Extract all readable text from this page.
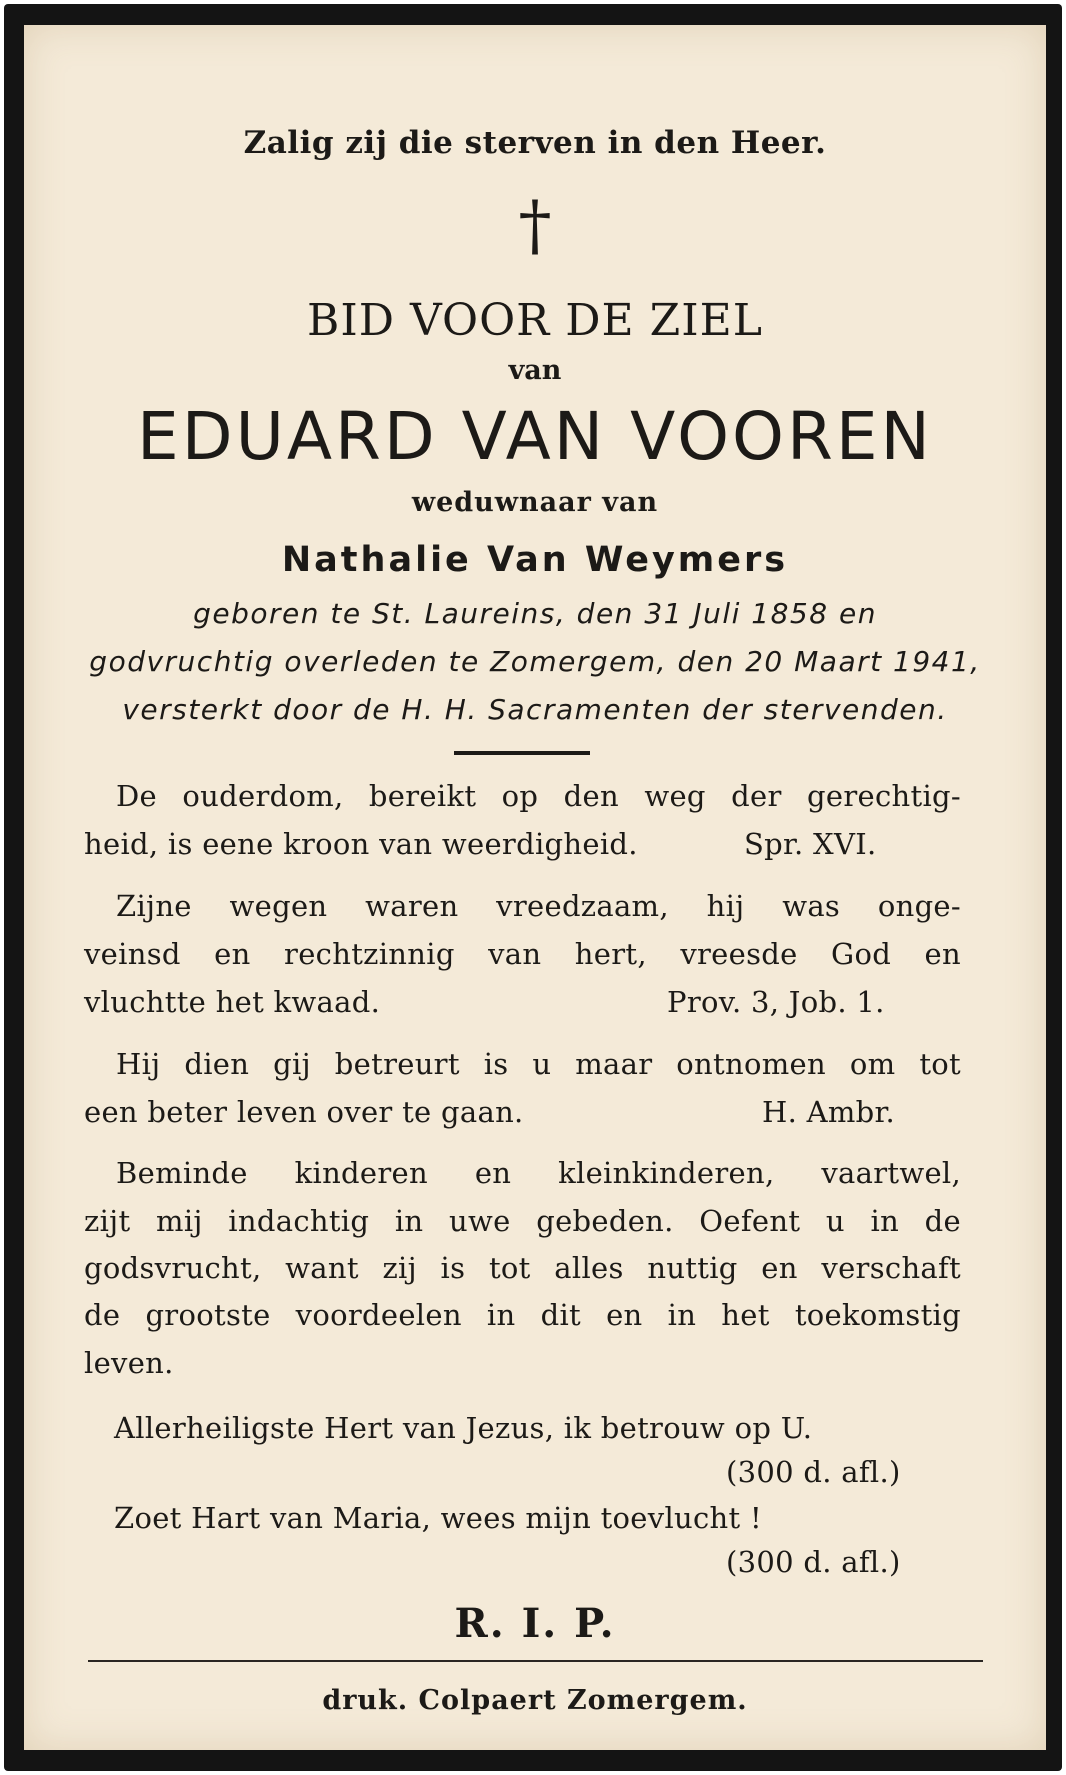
Zalig zij die sterven in den Heer.
†
BID VOOR DE ZIEL
van
EDUARD VAN VOOREN
weduwnaar van
Nathalie Van Weymers
geboren te St. Laureins, den 31 Juli 1858 en
godvruchtig overleden te Zomergem, den 20 Maart 1941,
versterkt door de H. H. Sacramenten der stervenden.
De ouderdom, bereikt op den weg der gerechtig-
heid, is eene kroon van weerdigheid.	Spr. XVI.
Zijne wegen waren vreedzaam, hij was onge-
veinsd en rechtzinnig van hert, vreesde God en
vluchtte het kwaad.	Prov. 3, Job. 1.
Hij dien gij betreurt is u maar ontnomen om tot
een beter leven over te gaan.	H. Ambr.
Beminde kinderen en kleinkinderen, vaartwel,
zijt mij indachtig in uwe gebeden. Oefent u in de
godsvrucht, want zij is tot alles nuttig en verschaft
de grootste voordeelen in dit en in het toekomstig
leven.
Allerheiligste Hert van Jezus, ik betrouw op U.
(300 d. afl.)
Zoet Hart van Maria, wees mijn toevlucht !
(300 d. afl.)
R. I. P.
druk. Colpaert Zomergem.
